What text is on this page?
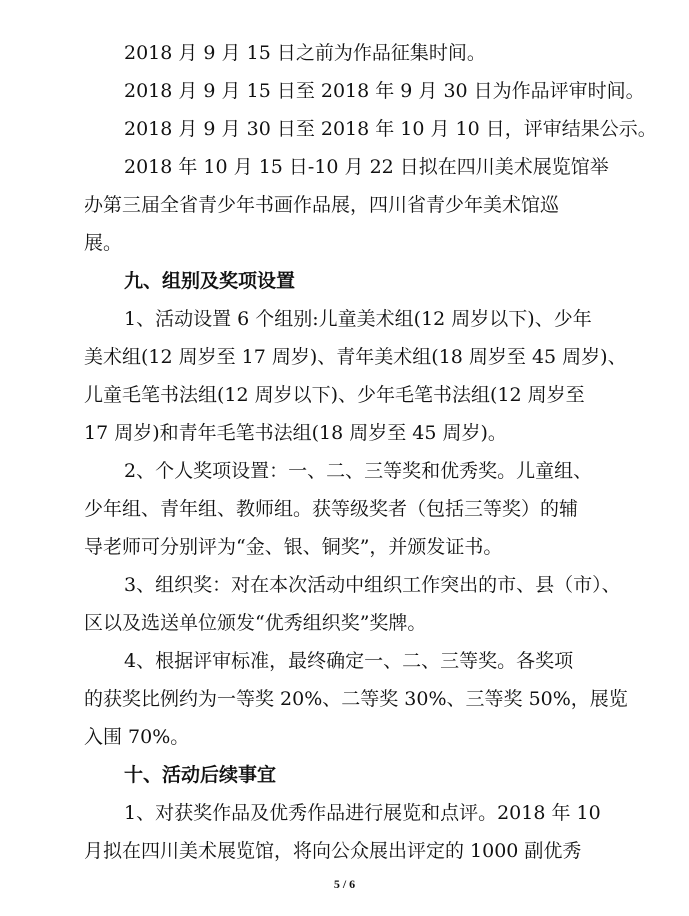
2018 月 9 月 15 日之前为作品征集时间。

2018 月 9 月 15 日至 2018 年 9 月 30 日为作品评审时间。

2018 月 9 月 30 日至 2018 年 10 月 10 日，评审结果公示。

2018 年 10 月 15 日-10 月 22 日拟在四川美术展览馆举

办第三届全省青少年书画作品展，四川省青少年美术馆巡

展。

九、组别及奖项设置

1、活动设置 6 个组别:儿童美术组(12 周岁以下)、少年

美术组(12 周岁至 17 周岁)、青年美术组(18 周岁至 45 周岁)、

儿童毛笔书法组(12 周岁以下)、少年毛笔书法组(12 周岁至

17 周岁)和青年毛笔书法组(18 周岁至 45 周岁)。

2、个人奖项设置：一、二、三等奖和优秀奖。儿童组、

少年组、青年组、教师组。获等级奖者（包括三等奖）的辅

导老师可分别评为“金、银、铜奖”，并颁发证书。

3、组织奖：对在本次活动中组织工作突出的市、县（市）、

区以及选送单位颁发“优秀组织奖”奖牌。

4、根据评审标准，最终确定一、二、三等奖。各奖项

的获奖比例约为一等奖 20%、二等奖 30%、三等奖 50%，展览

入围 70%。

十、活动后续事宜

1、对获奖作品及优秀作品进行展览和点评。2018 年 10

月拟在四川美术展览馆，将向公众展出评定的 1000 副优秀

5 / 6
